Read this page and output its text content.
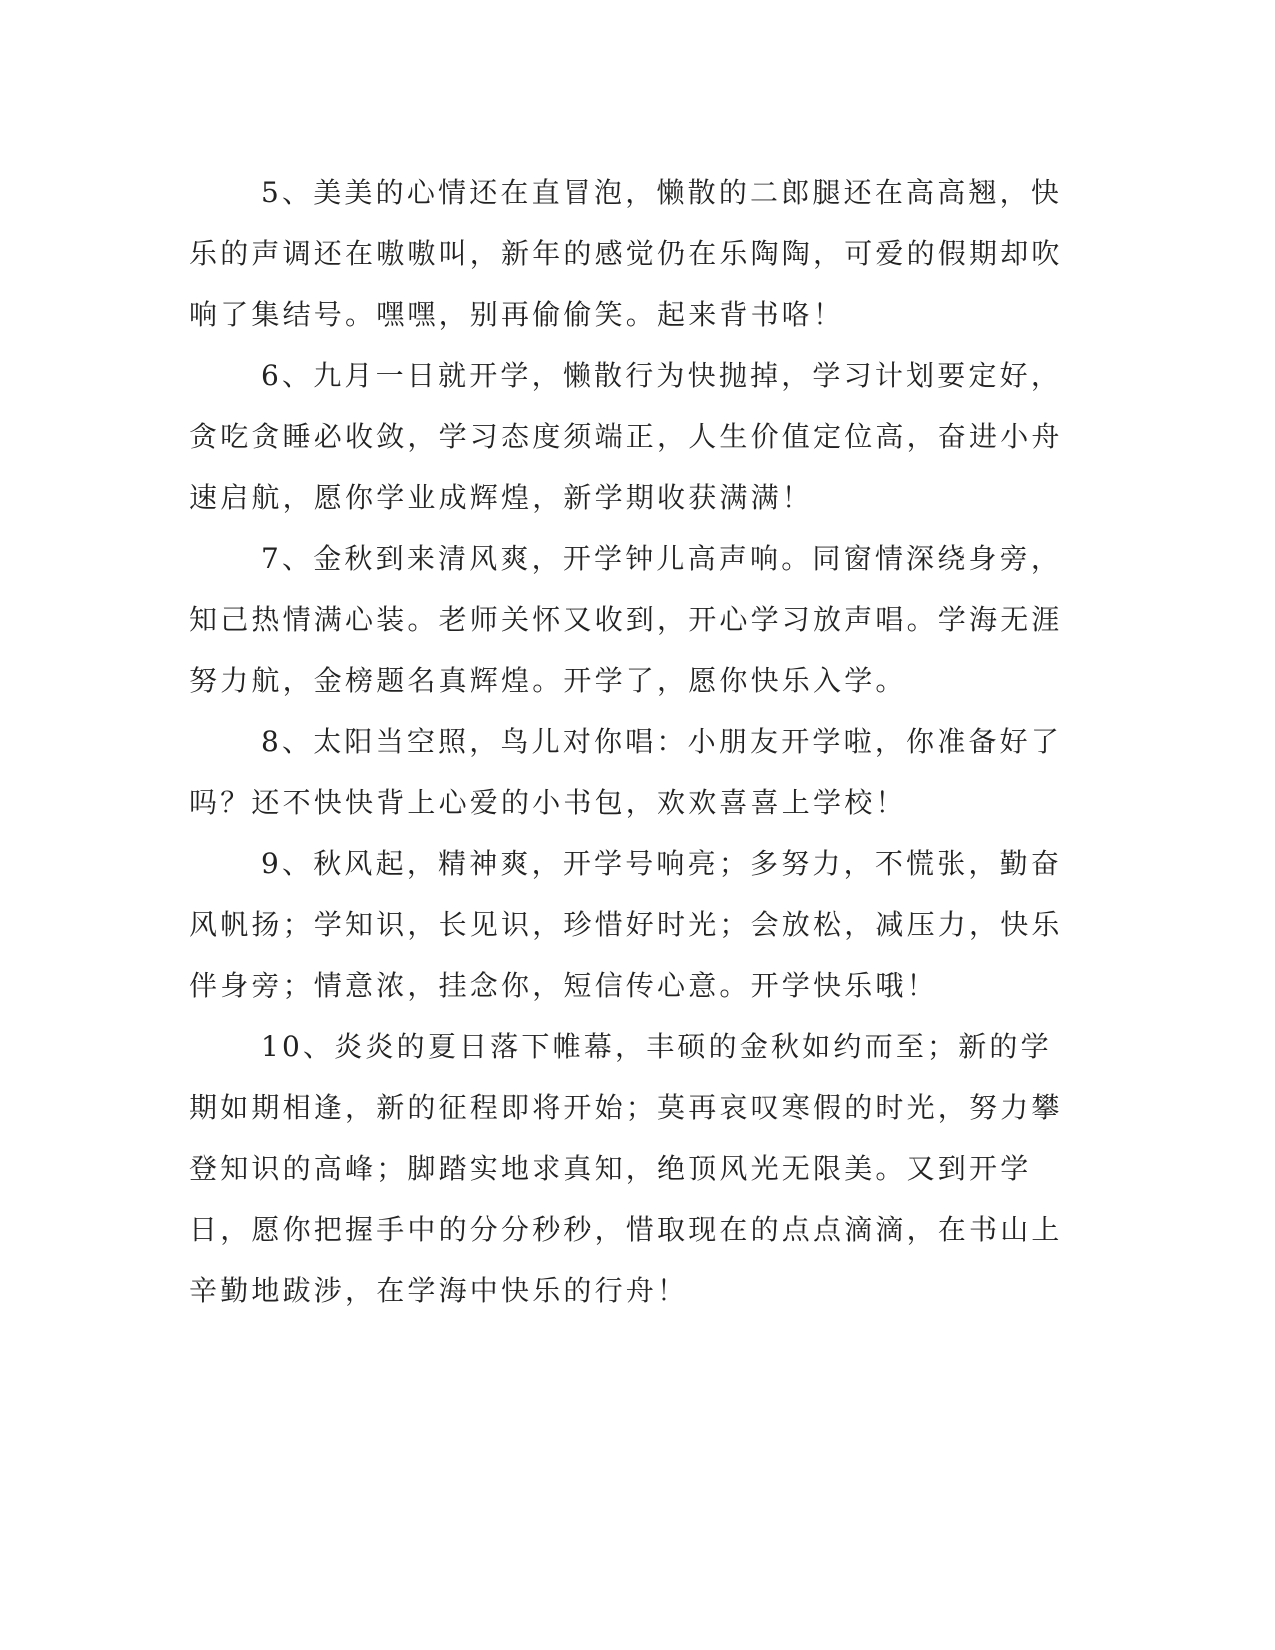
5、美美的心情还在直冒泡，懒散的二郎腿还在高高翘，快乐的声调还在嗷嗷叫，新年的感觉仍在乐陶陶，可爱的假期却吹响了集结号。嘿嘿，别再偷偷笑。起来背书咯！

6、九月一日就开学，懒散行为快抛掉，学习计划要定好，贪吃贪睡必收敛，学习态度须端正，人生价值定位高，奋进小舟速启航，愿你学业成辉煌，新学期收获满满！

7、金秋到来清风爽，开学钟儿高声响。同窗情深绕身旁，知己热情满心装。老师关怀又收到，开心学习放声唱。学海无涯努力航，金榜题名真辉煌。开学了，愿你快乐入学。

8、太阳当空照，鸟儿对你唱：小朋友开学啦，你准备好了吗？还不快快背上心爱的小书包，欢欢喜喜上学校！

9、秋风起，精神爽，开学号响亮；多努力，不慌张，勤奋风帆扬；学知识，长见识，珍惜好时光；会放松，减压力，快乐伴身旁；情意浓，挂念你，短信传心意。开学快乐哦！

10、炎炎的夏日落下帷幕，丰硕的金秋如约而至；新的学期如期相逢，新的征程即将开始；莫再哀叹寒假的时光，努力攀登知识的高峰；脚踏实地求真知，绝顶风光无限美。又到开学日，愿你把握手中的分分秒秒，惜取现在的点点滴滴，在书山上辛勤地跋涉，在学海中快乐的行舟！
